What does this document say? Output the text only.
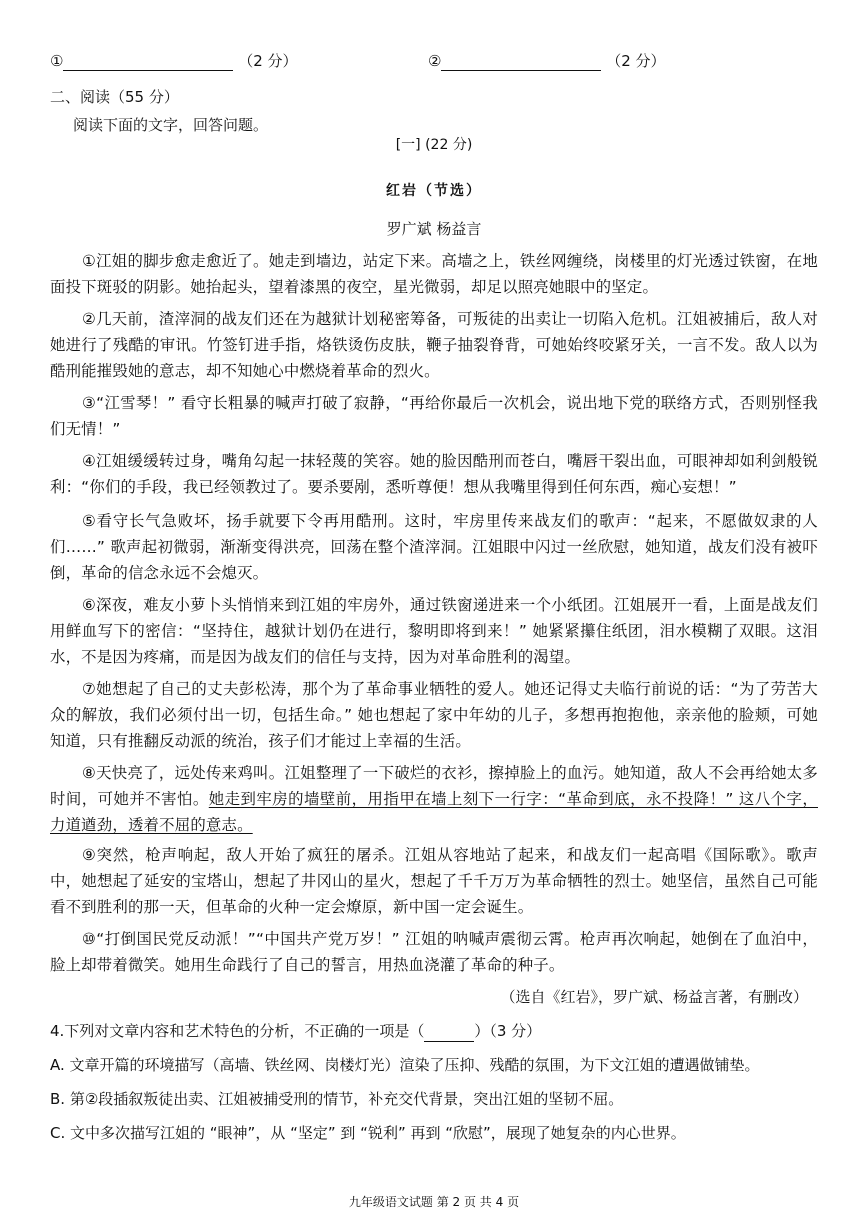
①	（2 分）	②	（2 分）
二、阅读（55 分）
阅读下面的文字，回答问题。
[一] (22 分)
红岩（节选）
罗广斌 杨益言
①江姐的脚步愈走愈近了。她走到墙边，站定下来。高墙之上，铁丝网缠绕，岗楼里的灯光透过铁窗，在地面投下斑驳的阴影。她抬起头，望着漆黑的夜空，星光微弱，却足以照亮她眼中的坚定。
②几天前，渣滓洞的战友们还在为越狱计划秘密筹备，可叛徒的出卖让一切陷入危机。江姐被捕后，敌人对她进行了残酷的审讯。竹签钉进手指，烙铁烫伤皮肤，鞭子抽裂脊背，可她始终咬紧牙关，一言不发。敌人以为酷刑能摧毁她的意志，却不知她心中燃烧着革命的烈火。
③“江雪琴！” 看守长粗暴的喊声打破了寂静，“再给你最后一次机会，说出地下党的联络方式，否则别怪我们无情！”
④江姐缓缓转过身，嘴角勾起一抹轻蔑的笑容。她的脸因酷刑而苍白，嘴唇干裂出血，可眼神却如利剑般锐利：“你们的手段，我已经领教过了。要杀要剐，悉听尊便！想从我嘴里得到任何东西，痴心妄想！”
⑤看守长气急败坏，扬手就要下令再用酷刑。这时，牢房里传来战友们的歌声：“起来，不愿做奴隶的人们……” 歌声起初微弱，渐渐变得洪亮，回荡在整个渣滓洞。江姐眼中闪过一丝欣慰，她知道，战友们没有被吓倒，革命的信念永远不会熄灭。
⑥深夜，难友小萝卜头悄悄来到江姐的牢房外，通过铁窗递进来一个小纸团。江姐展开一看，上面是战友们用鲜血写下的密信：“坚持住，越狱计划仍在进行，黎明即将到来！” 她紧紧攥住纸团，泪水模糊了双眼。这泪水，不是因为疼痛，而是因为战友们的信任与支持，因为对革命胜利的渴望。
⑦她想起了自己的丈夫彭松涛，那个为了革命事业牺牲的爱人。她还记得丈夫临行前说的话：“为了劳苦大众的解放，我们必须付出一切，包括生命。” 她也想起了家中年幼的儿子，多想再抱抱他，亲亲他的脸颊，可她知道，只有推翻反动派的统治，孩子们才能过上幸福的生活。
⑧天快亮了，远处传来鸡叫。江姐整理了一下破烂的衣衫，擦掉脸上的血污。她知道，敌人不会再给她太多时间，可她并不害怕。她走到牢房的墙壁前，用指甲在墙上刻下一行字：“革命到底，永不投降！” 这八个字，力道遒劲，透着不屈的意志。
⑨突然，枪声响起，敌人开始了疯狂的屠杀。江姐从容地站了起来，和战友们一起高唱《国际歌》。歌声中，她想起了延安的宝塔山，想起了井冈山的星火，想起了千千万万为革命牺牲的烈士。她坚信，虽然自己可能看不到胜利的那一天，但革命的火种一定会燎原，新中国一定会诞生。
⑩“打倒国民党反动派！”“中国共产党万岁！” 江姐的呐喊声震彻云霄。枪声再次响起，她倒在了血泊中，脸上却带着微笑。她用生命践行了自己的誓言，用热血浇灌了革命的种子。
（选自《红岩》，罗广斌、杨益言著，有删改）
4.下列对文章内容和艺术特色的分析，不正确的一项是（	）（3 分）
A. 文章开篇的环境描写（高墙、铁丝网、岗楼灯光）渲染了压抑、残酷的氛围，为下文江姐的遭遇做铺垫。
B. 第②段插叙叛徒出卖、江姐被捕受刑的情节，补充交代背景，突出江姐的坚韧不屈。
C. 文中多次描写江姐的 “眼神”，从 “坚定” 到 “锐利” 再到 “欣慰”，展现了她复杂的内心世界。
九年级语文试题 第 2 页 共 4 页
